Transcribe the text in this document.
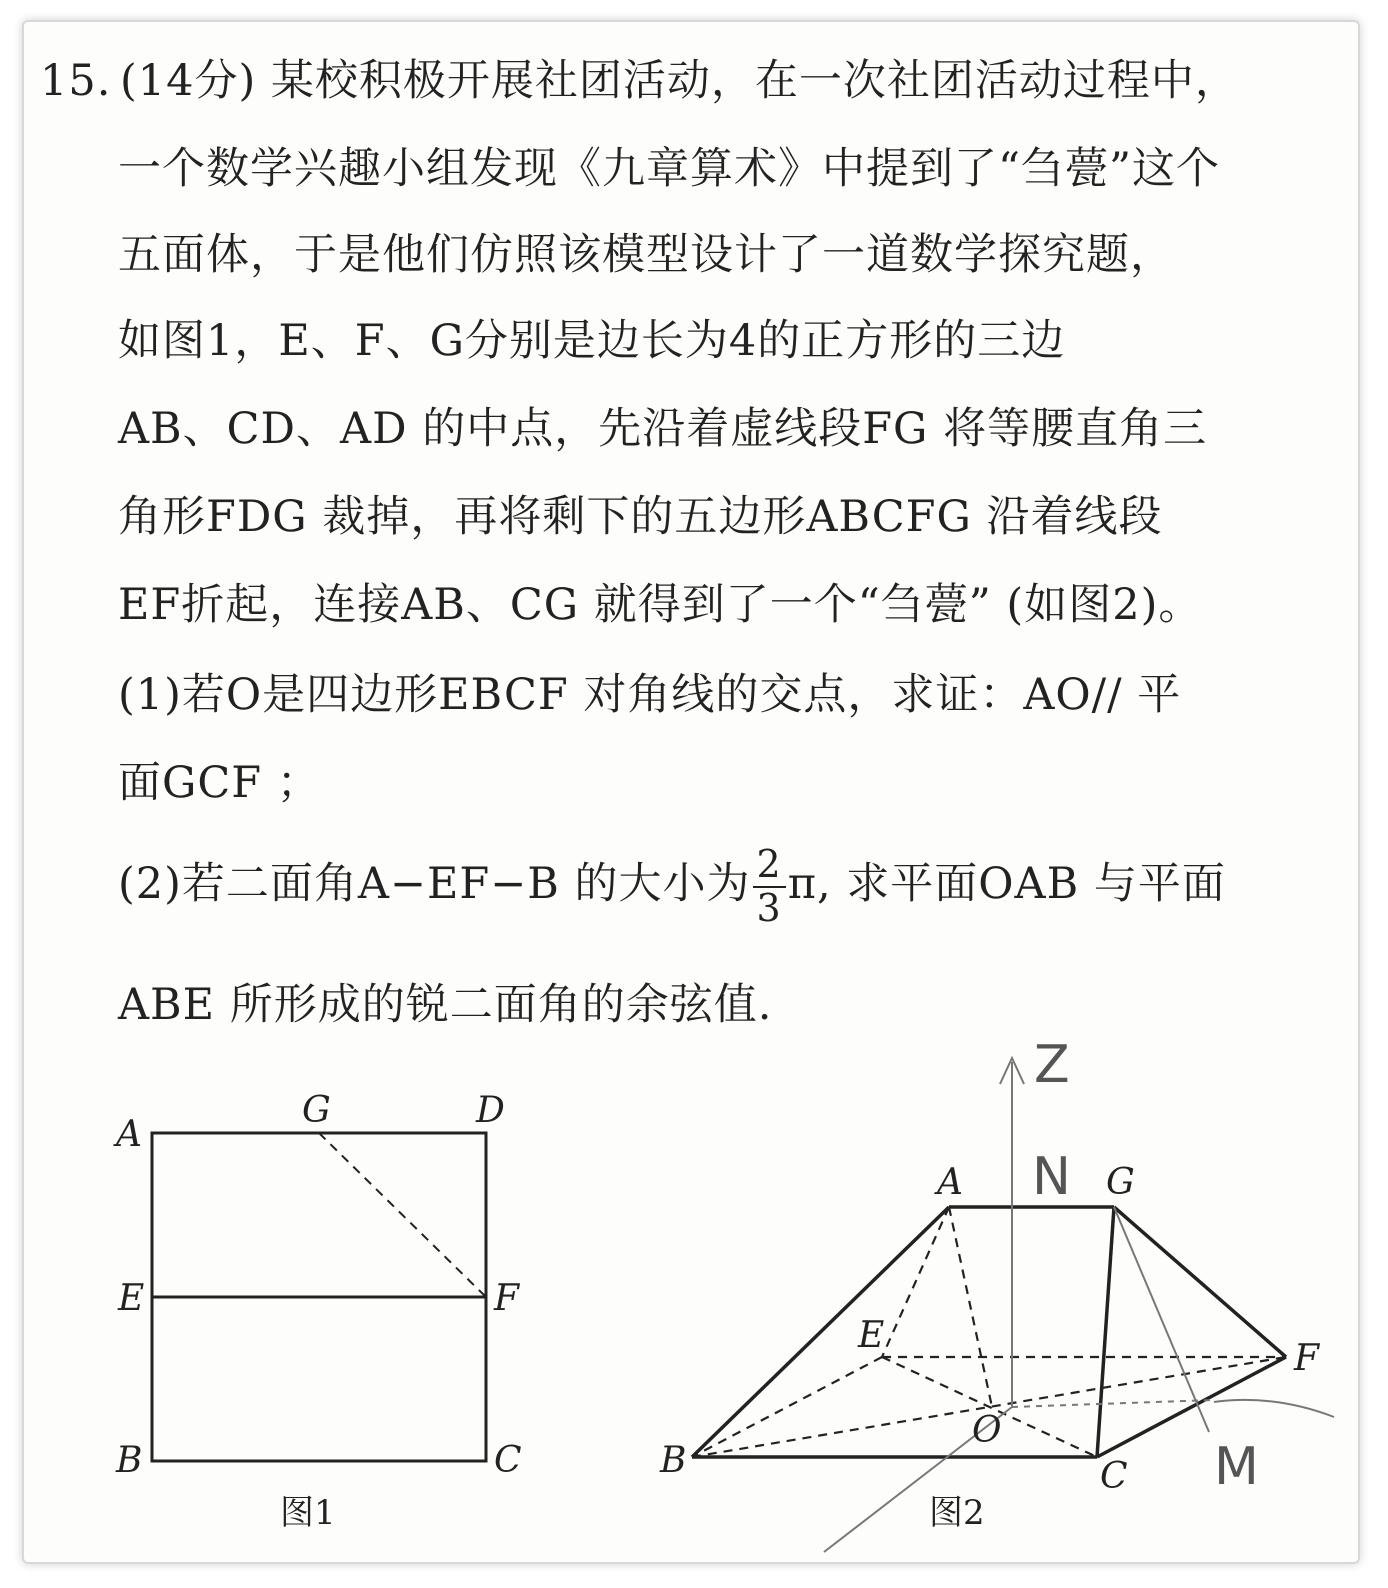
15. (14分) 某校积极开展社团活动，在一次社团活动过程中，
一个数学兴趣小组发现《九章算术》中提到了“刍甍”这个
五面体，于是他们仿照该模型设计了一道数学探究题，
如图1，E、F、G分别是边长为4的正方形的三边
AB、CD、AD 的中点，先沿着虚线段FG 将等腰直角三
角形FDG 裁掉，再将剩下的五边形ABCFG 沿着线段
EF折起，连接AB、CG 就得到了一个“刍甍” (如图2)。
(1)若O是四边形EBCF 对角线的交点，求证：AO// 平
面GCF ；
(2)若二面角A−EF−B 的大小为 $\frac{2}{3} \pi$, 求平面OAB 与平面
ABE 所形成的锐二面角的余弦值.
A
G	D
E	F
B	C
图1
A	G
E
F
O
B	C
图2
Z
N
M
